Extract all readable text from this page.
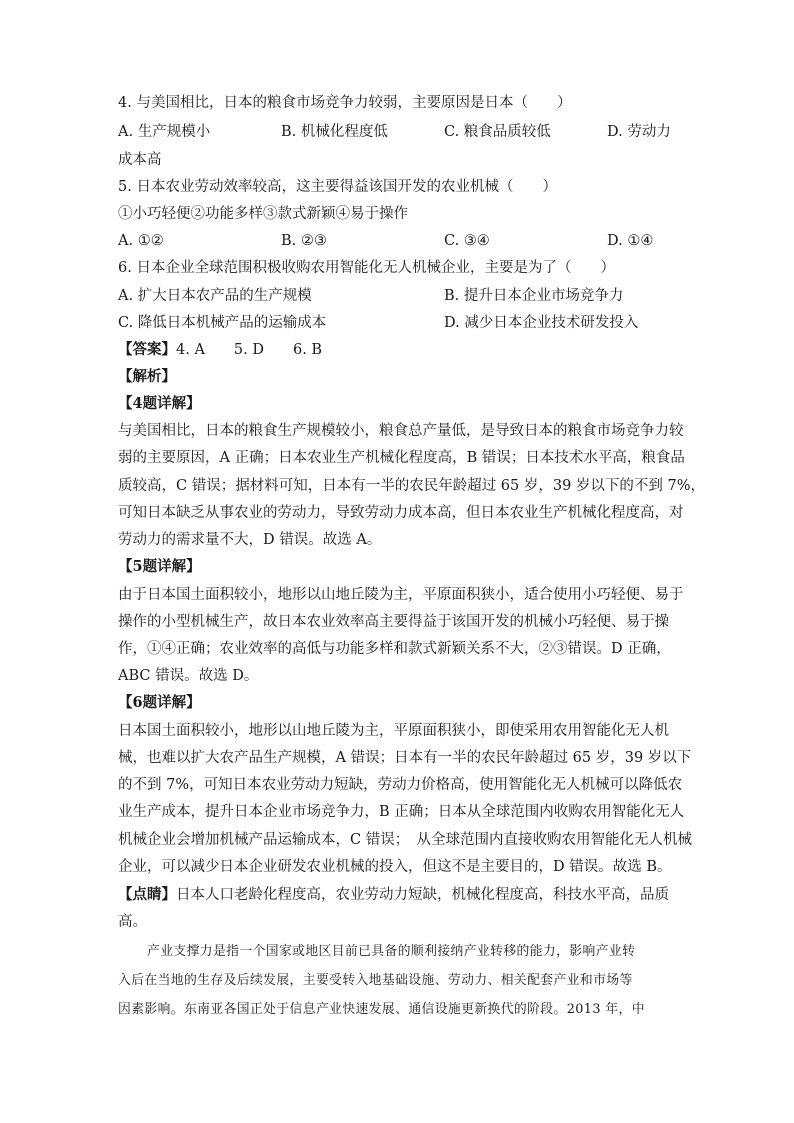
4. 与美国相比，日本的粮食市场竞争力较弱，主要原因是日本（　　）
A. 生产规模小	B. 机械化程度低	C. 粮食品质较低	D. 劳动力
成本高
5. 日本农业劳动效率较高，这主要得益该国开发的农业机械（　　）
①小巧轻便②功能多样③款式新颖④易于操作
A. ①②	B. ②③	C. ③④	D. ①④
6. 日本企业全球范围积极收购农用智能化无人机械企业，主要是为了（　　）
A. 扩大日本农产品的生产规模	B. 提升日本企业市场竞争力
C. 降低日本机械产品的运输成本	D. 减少日本企业技术研发投入
【答案】4. A　　5. D　　6. B
【解析】
【4题详解】
与美国相比，日本的粮食生产规模较小，粮食总产量低，是导致日本的粮食市场竞争力较
弱的主要原因，A 正确；日本农业生产机械化程度高，B 错误；日本技术水平高，粮食品
质较高，C 错误；据材料可知，日本有一半的农民年龄超过 65 岁，39 岁以下的不到 7%，
可知日本缺乏从事农业的劳动力，导致劳动力成本高，但日本农业生产机械化程度高，对
劳动力的需求量不大，D 错误。故选 A。
【5题详解】
由于日本国土面积较小，地形以山地丘陵为主，平原面积狭小，适合使用小巧轻便、易于
操作的小型机械生产，故日本农业效率高主要得益于该国开发的机械小巧轻便、易于操
作，①④正确；农业效率的高低与功能多样和款式新颖关系不大，②③错误。D 正确，
ABC 错误。故选 D。
【6题详解】
日本国土面积较小，地形以山地丘陵为主，平原面积狭小，即使采用农用智能化无人机
械，也难以扩大农产品生产规模，A 错误；日本有一半的农民年龄超过 65 岁，39 岁以下
的不到 7%，可知日本农业劳动力短缺，劳动力价格高，使用智能化无人机械可以降低农
业生产成本，提升日本企业市场竞争力，B 正确；日本从全球范围内收购农用智能化无人
机械企业会增加机械产品运输成本，C 错误；　从全球范围内直接收购农用智能化无人机械
企业，可以减少日本企业研发农业机械的投入，但这不是主要目的，D 错误。故选 B。
【点睛】日本人口老龄化程度高，农业劳动力短缺，机械化程度高，科技水平高，品质
高。
产业支撑力是指一个国家或地区目前已具备的顺利接纳产业转移的能力，影响产业转
入后在当地的生存及后续发展，主要受转入地基础设施、劳动力、相关配套产业和市场等
因素影响。东南亚各国正处于信息产业快速发展、通信设施更新换代的阶段。2013 年，中
